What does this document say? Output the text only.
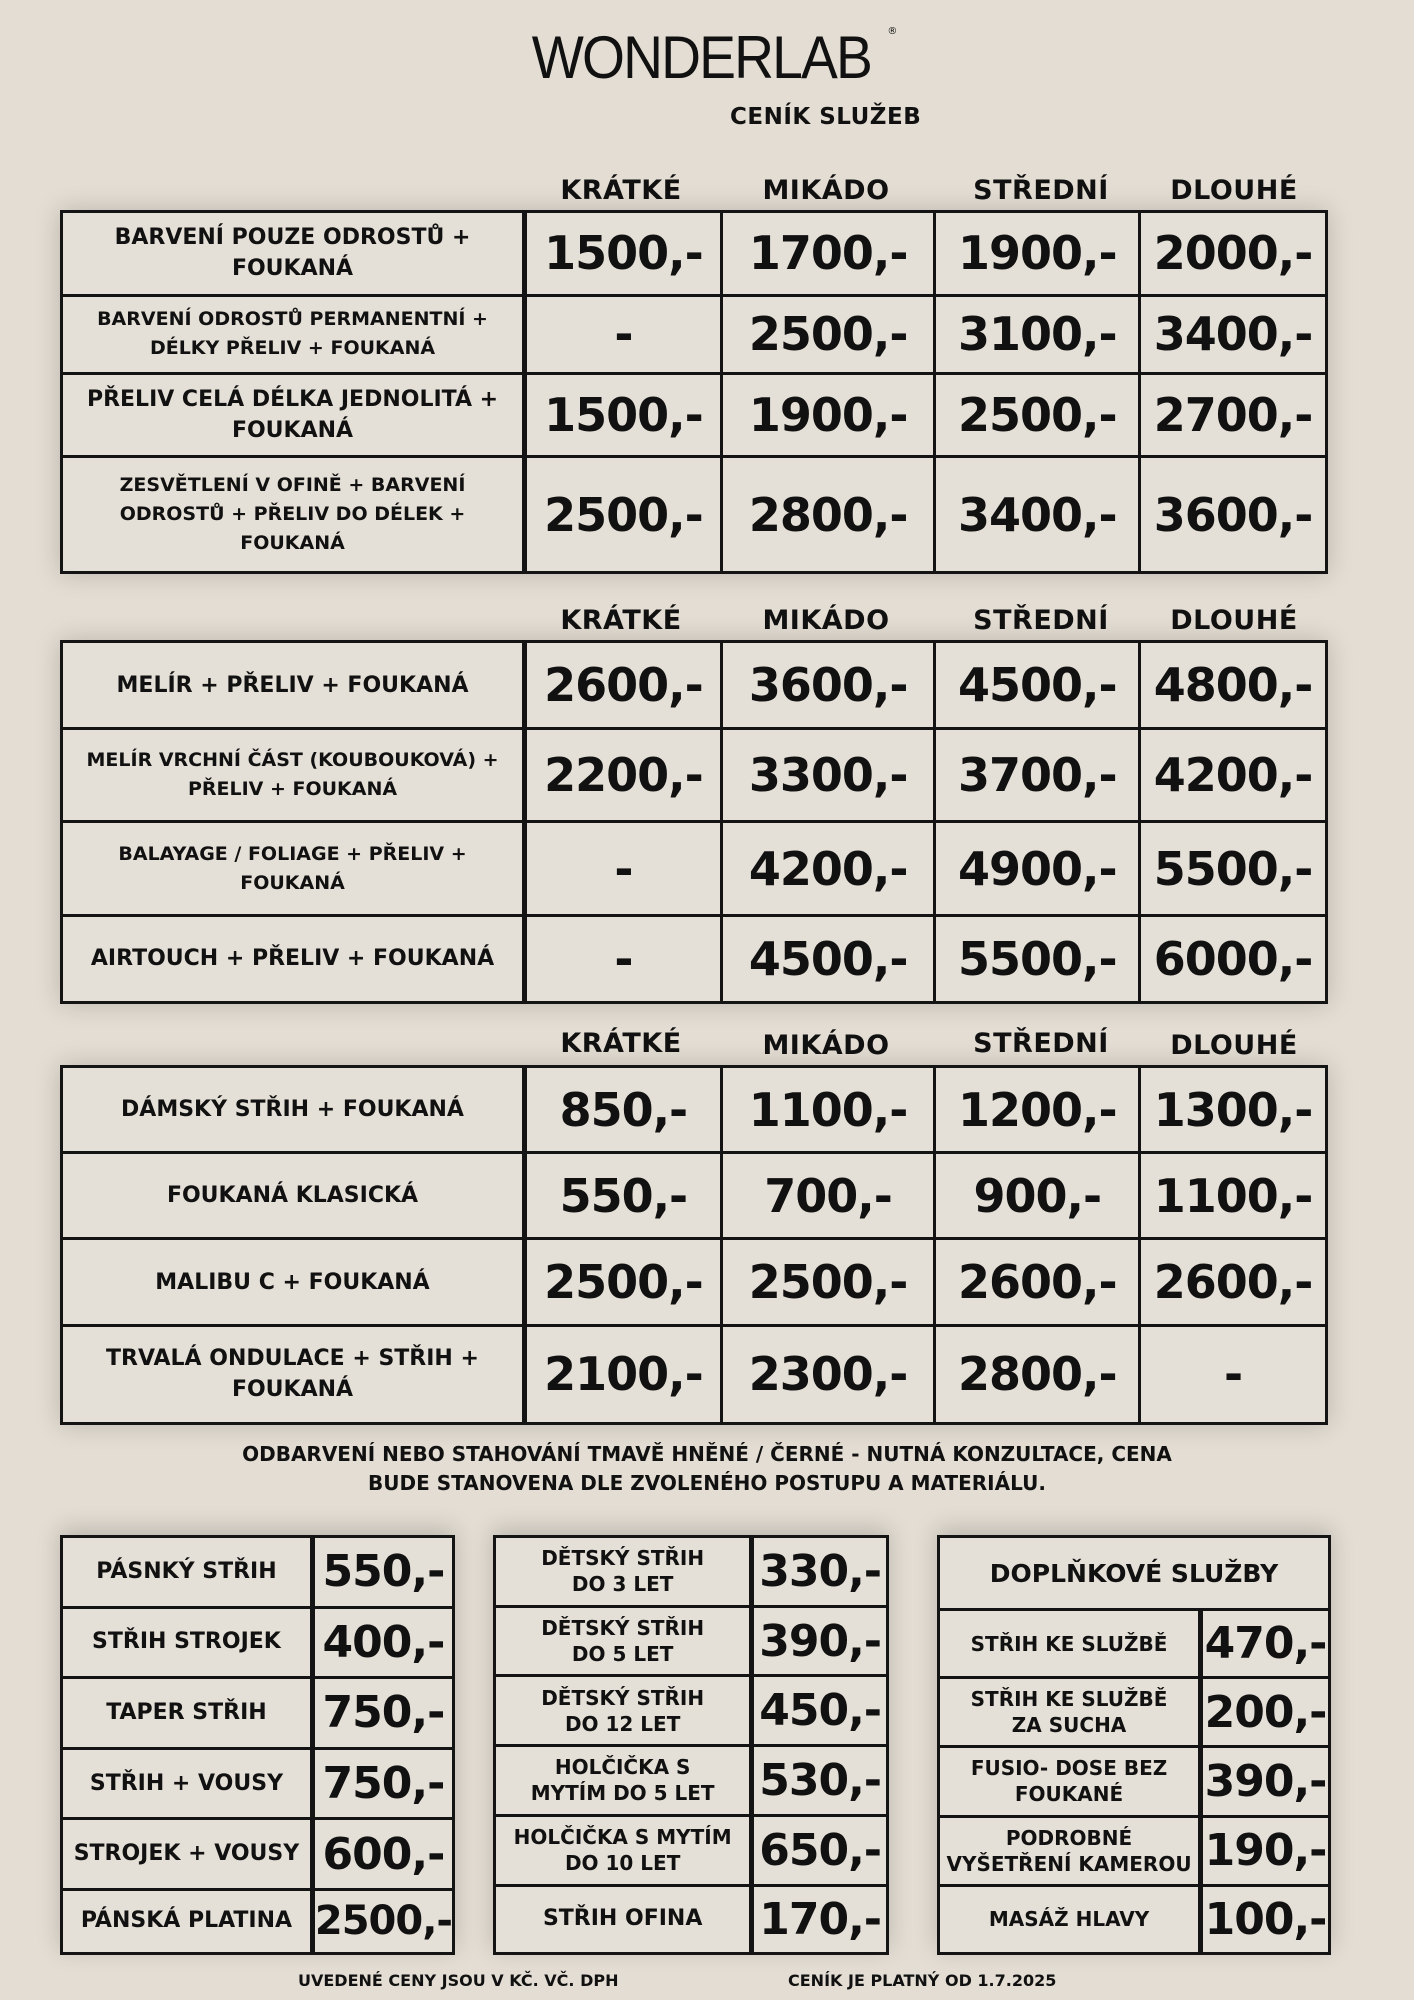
WONDERLAB ®
CENÍK SLUŽEB
KRÁTKÉ	MIKÁDO	STŘEDNÍ	DLOUHÉ
BARVENÍ POUZE ODROSTŮ + FOUKANÁ	1500,-	1700,-	1900,-	2000,-
BARVENÍ ODROSTŮ PERMANENTNÍ + DÉLKY PŘELIV + FOUKANÁ	-	2500,-	3100,-	3400,-
PŘELIV CELÁ DÉLKA JEDNOLITÁ + FOUKANÁ	1500,-	1900,-	2500,-	2700,-
ZESVĚTLENÍ V OFINĚ + BARVENÍ ODROSTŮ + PŘELIV DO DÉLEK + FOUKANÁ	2500,-	2800,-	3400,-	3600,-
KRÁTKÉ	MIKÁDO	STŘEDNÍ	DLOUHÉ
MELÍR + PŘELIV + FOUKANÁ	2600,-	3600,-	4500,-	4800,-
MELÍR VRCHNÍ ČÁST (KOUBOUKOVÁ) + PŘELIV + FOUKANÁ	2200,-	3300,-	3700,-	4200,-
BALAYAGE / FOLIAGE + PŘELIV + FOUKANÁ	-	4200,-	4900,-	5500,-
AIRTOUCH + PŘELIV + FOUKANÁ	-	4500,-	5500,-	6000,-
KRÁTKÉ	MIKÁDO	STŘEDNÍ	DLOUHÉ
DÁMSKÝ STŘIH + FOUKANÁ	850,-	1100,-	1200,-	1300,-
FOUKANÁ KLASICKÁ	550,-	700,-	900,-	1100,-
MALIBU C + FOUKANÁ	2500,-	2500,-	2600,-	2600,-
TRVALÁ ONDULACE + STŘIH + FOUKANÁ	2100,-	2300,-	2800,-	-
ODBARVENÍ NEBO STAHOVÁNÍ TMAVĚ HNĚNÉ / ČERNÉ - NUTNÁ KONZULTACE, CENA BUDE STANOVENA DLE ZVOLENÉHO POSTUPU A MATERIÁLU.
PÁSNKÝ STŘIH	550,-
STŘIH STROJEK	400,-
TAPER STŘIH	750,-
STŘIH + VOUSY	750,-
STROJEK + VOUSY	600,-
PÁNSKÁ PLATINA	2500,-
DĚTSKÝ STŘIH DO 3 LET	330,-
DĚTSKÝ STŘIH DO 5 LET	390,-
DĚTSKÝ STŘIH DO 12 LET	450,-
HOLČIČKA S MYTÍM DO 5 LET	530,-
HOLČIČKA S MYTÍM DO 10 LET	650,-
STŘIH OFINA	170,-
DOPLŇKOVÉ SLUŽBY	
STŘIH KE SLUŽBĚ	470,-
STŘIH KE SLUŽBĚ ZA SUCHA	200,-
FUSIO- DOSE BEZ FOUKANÉ	390,-
PODROBNÉ VYŠETŘENÍ KAMEROU	190,-
MASÁŽ HLAVY	100,-
UVEDENÉ CENY JSOU V KČ. VČ. DPH	CENÍK JE PLATNÝ OD 1.7.2025
